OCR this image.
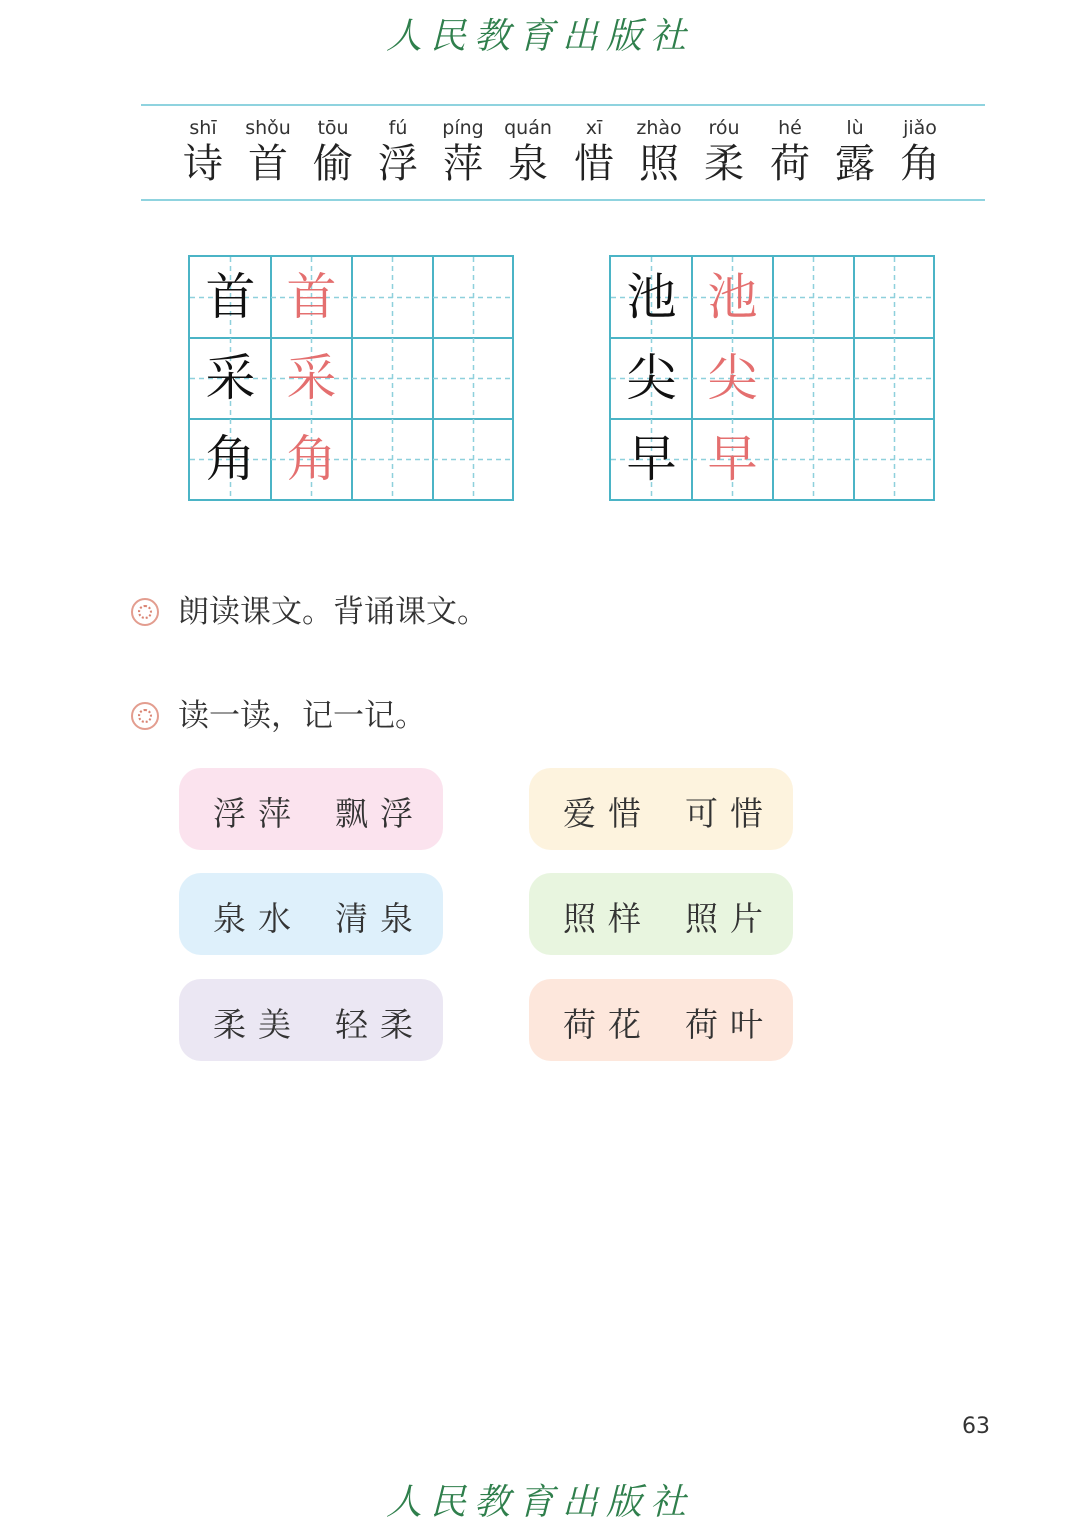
人民教育出版社
shī
诗
shǒu
首
tōu
偷
fú
浮
píng
萍
quán
泉
xī
惜
zhào
照
róu
柔
hé
荷
lù
露
jiǎo
角
首 首
采 采
角 角
池 池
尖 尖
早 早
朗读课文。背诵课文。
读一读，记一记。
浮萍 飘浮	爱惜 可惜
泉水 清泉	照样 照片
柔美 轻柔	荷花 荷叶
63
人民教育出版社
